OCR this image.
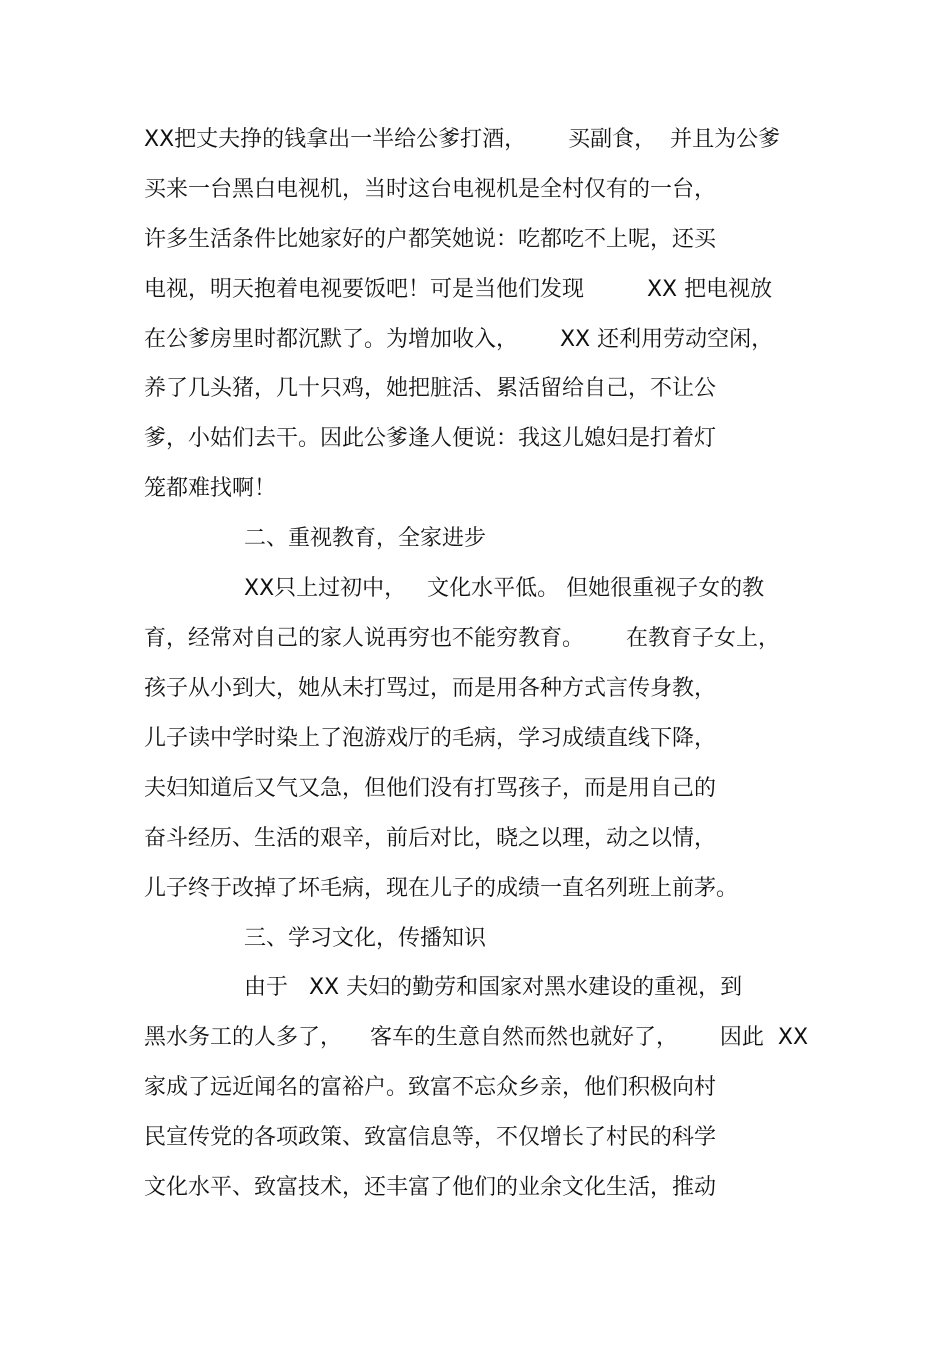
XX把丈夫挣的钱拿出一半给公爹打酒，      买副食，  并且为公爹
买来一台黑白电视机，当时这台电视机是全村仅有的一台，
许多生活条件比她家好的户都笑她说：吃都吃不上呢，还买
电视，明天抱着电视要饭吧！可是当他们发现         XX 把电视放
在公爹房里时都沉默了。为增加收入，      XX 还利用劳动空闲，
养了几头猪，几十只鸡，她把脏活、累活留给自己，不让公
爹，小姑们去干。因此公爹逢人便说：我这儿媳妇是打着灯
笼都难找啊！
二、重视教育，全家进步
XX只上过初中，   文化水平低。 但她很重视子女的教
育，经常对自己的家人说再穷也不能穷教育。      在教育子女上，
孩子从小到大，她从未打骂过，而是用各种方式言传身教，
儿子读中学时染上了泡游戏厅的毛病，学习成绩直线下降，
夫妇知道后又气又急，但他们没有打骂孩子，而是用自己的
奋斗经历、生活的艰辛，前后对比，晓之以理，动之以情，
儿子终于改掉了坏毛病，现在儿子的成绩一直名列班上前茅。
三、学习文化，传播知识
由于   XX 夫妇的勤劳和国家对黑水建设的重视，到
黑水务工的人多了，    客车的生意自然而然也就好了，      因此  XX
家成了远近闻名的富裕户。致富不忘众乡亲，他们积极向村
民宣传党的各项政策、致富信息等，不仅增长了村民的科学
文化水平、致富技术，还丰富了他们的业余文化生活，推动
